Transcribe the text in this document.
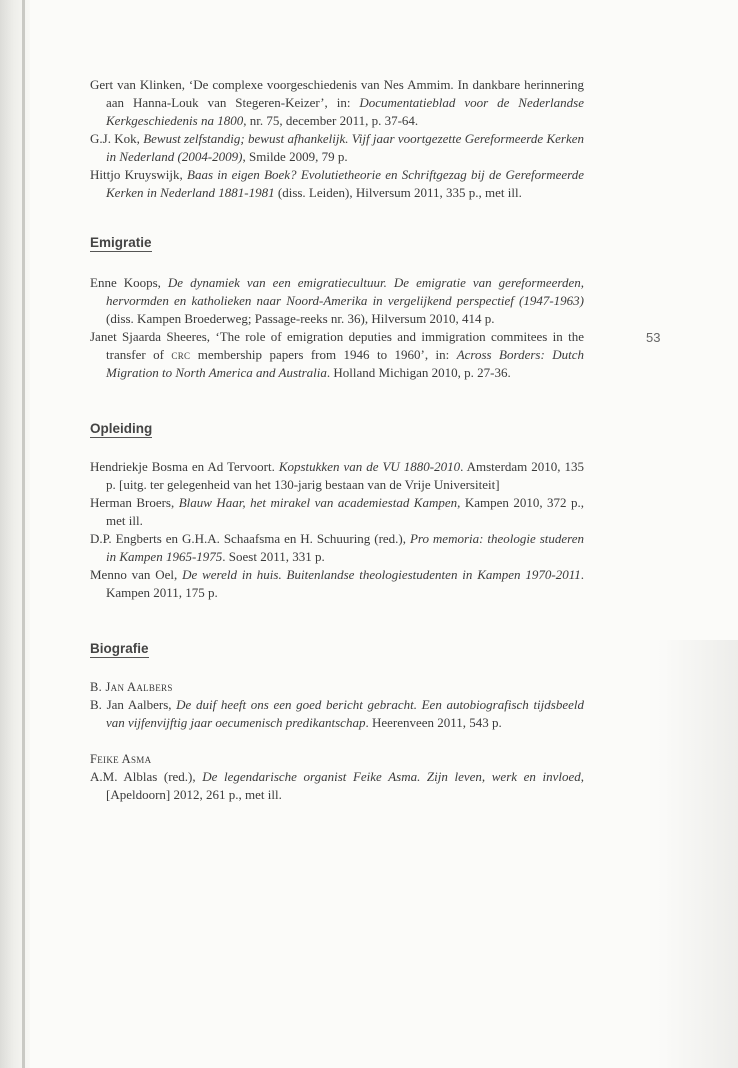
53

Gert van Klinken, ‘De complexe voorgeschiedenis van Nes Ammim. In dankbare herinnering aan Hanna-Louk van Stegeren-Keizer’, in: Documentatieblad voor de Nederlandse Kerkgeschiedenis na 1800, nr. 75, december 2011, p. 37-64.

G.J. Kok, Bewust zelfstandig; bewust afhankelijk. Vijf jaar voortgezette Gereformeerde Kerken in Nederland (2004-2009), Smilde 2009, 79 p.

Hittjo Kruyswijk, Baas in eigen Boek? Evolutietheorie en Schriftgezag bij de Gereformeerde Kerken in Nederland 1881-1981 (diss. Leiden), Hilversum 2011, 335 p., met ill.

Emigratie

Enne Koops, De dynamiek van een emigratiecultuur. De emigratie van gereformeerden, hervormden en katholieken naar Noord-Amerika in vergelijkend perspectief (1947-1963) (diss. Kampen Broederweg; Passage-reeks nr. 36), Hilversum 2010, 414 p.

Janet Sjaarda Sheeres, ‘The role of emigration deputies and immigration commitees in the transfer of crc membership papers from 1946 to 1960’, in: Across Borders: Dutch Migration to North America and Australia. Holland Michigan 2010, p. 27-36.

Opleiding

Hendriekje Bosma en Ad Tervoort. Kopstukken van de VU 1880-2010. Amsterdam 2010, 135 p. [uitg. ter gelegenheid van het 130-jarig bestaan van de Vrije Universiteit]

Herman Broers, Blauw Haar, het mirakel van academiestad Kampen, Kampen 2010, 372 p., met ill.

D.P. Engberts en G.H.A. Schaafsma en H. Schuuring (red.), Pro memoria: theologie studeren in Kampen 1965-1975. Soest 2011, 331 p.

Menno van Oel, De wereld in huis. Buitenlandse theologiestudenten in Kampen 1970-2011. Kampen 2011, 175 p.

Biografie

B. Jan Aalbers

B. Jan Aalbers, De duif heeft ons een goed bericht gebracht. Een autobiografisch tijdsbeeld van vijfenvijftig jaar oecumenisch predikantschap. Heerenveen 2011, 543 p.

Feike Asma

A.M. Alblas (red.), De legendarische organist Feike Asma. Zijn leven, werk en invloed, [Apeldoorn] 2012, 261 p., met ill.
